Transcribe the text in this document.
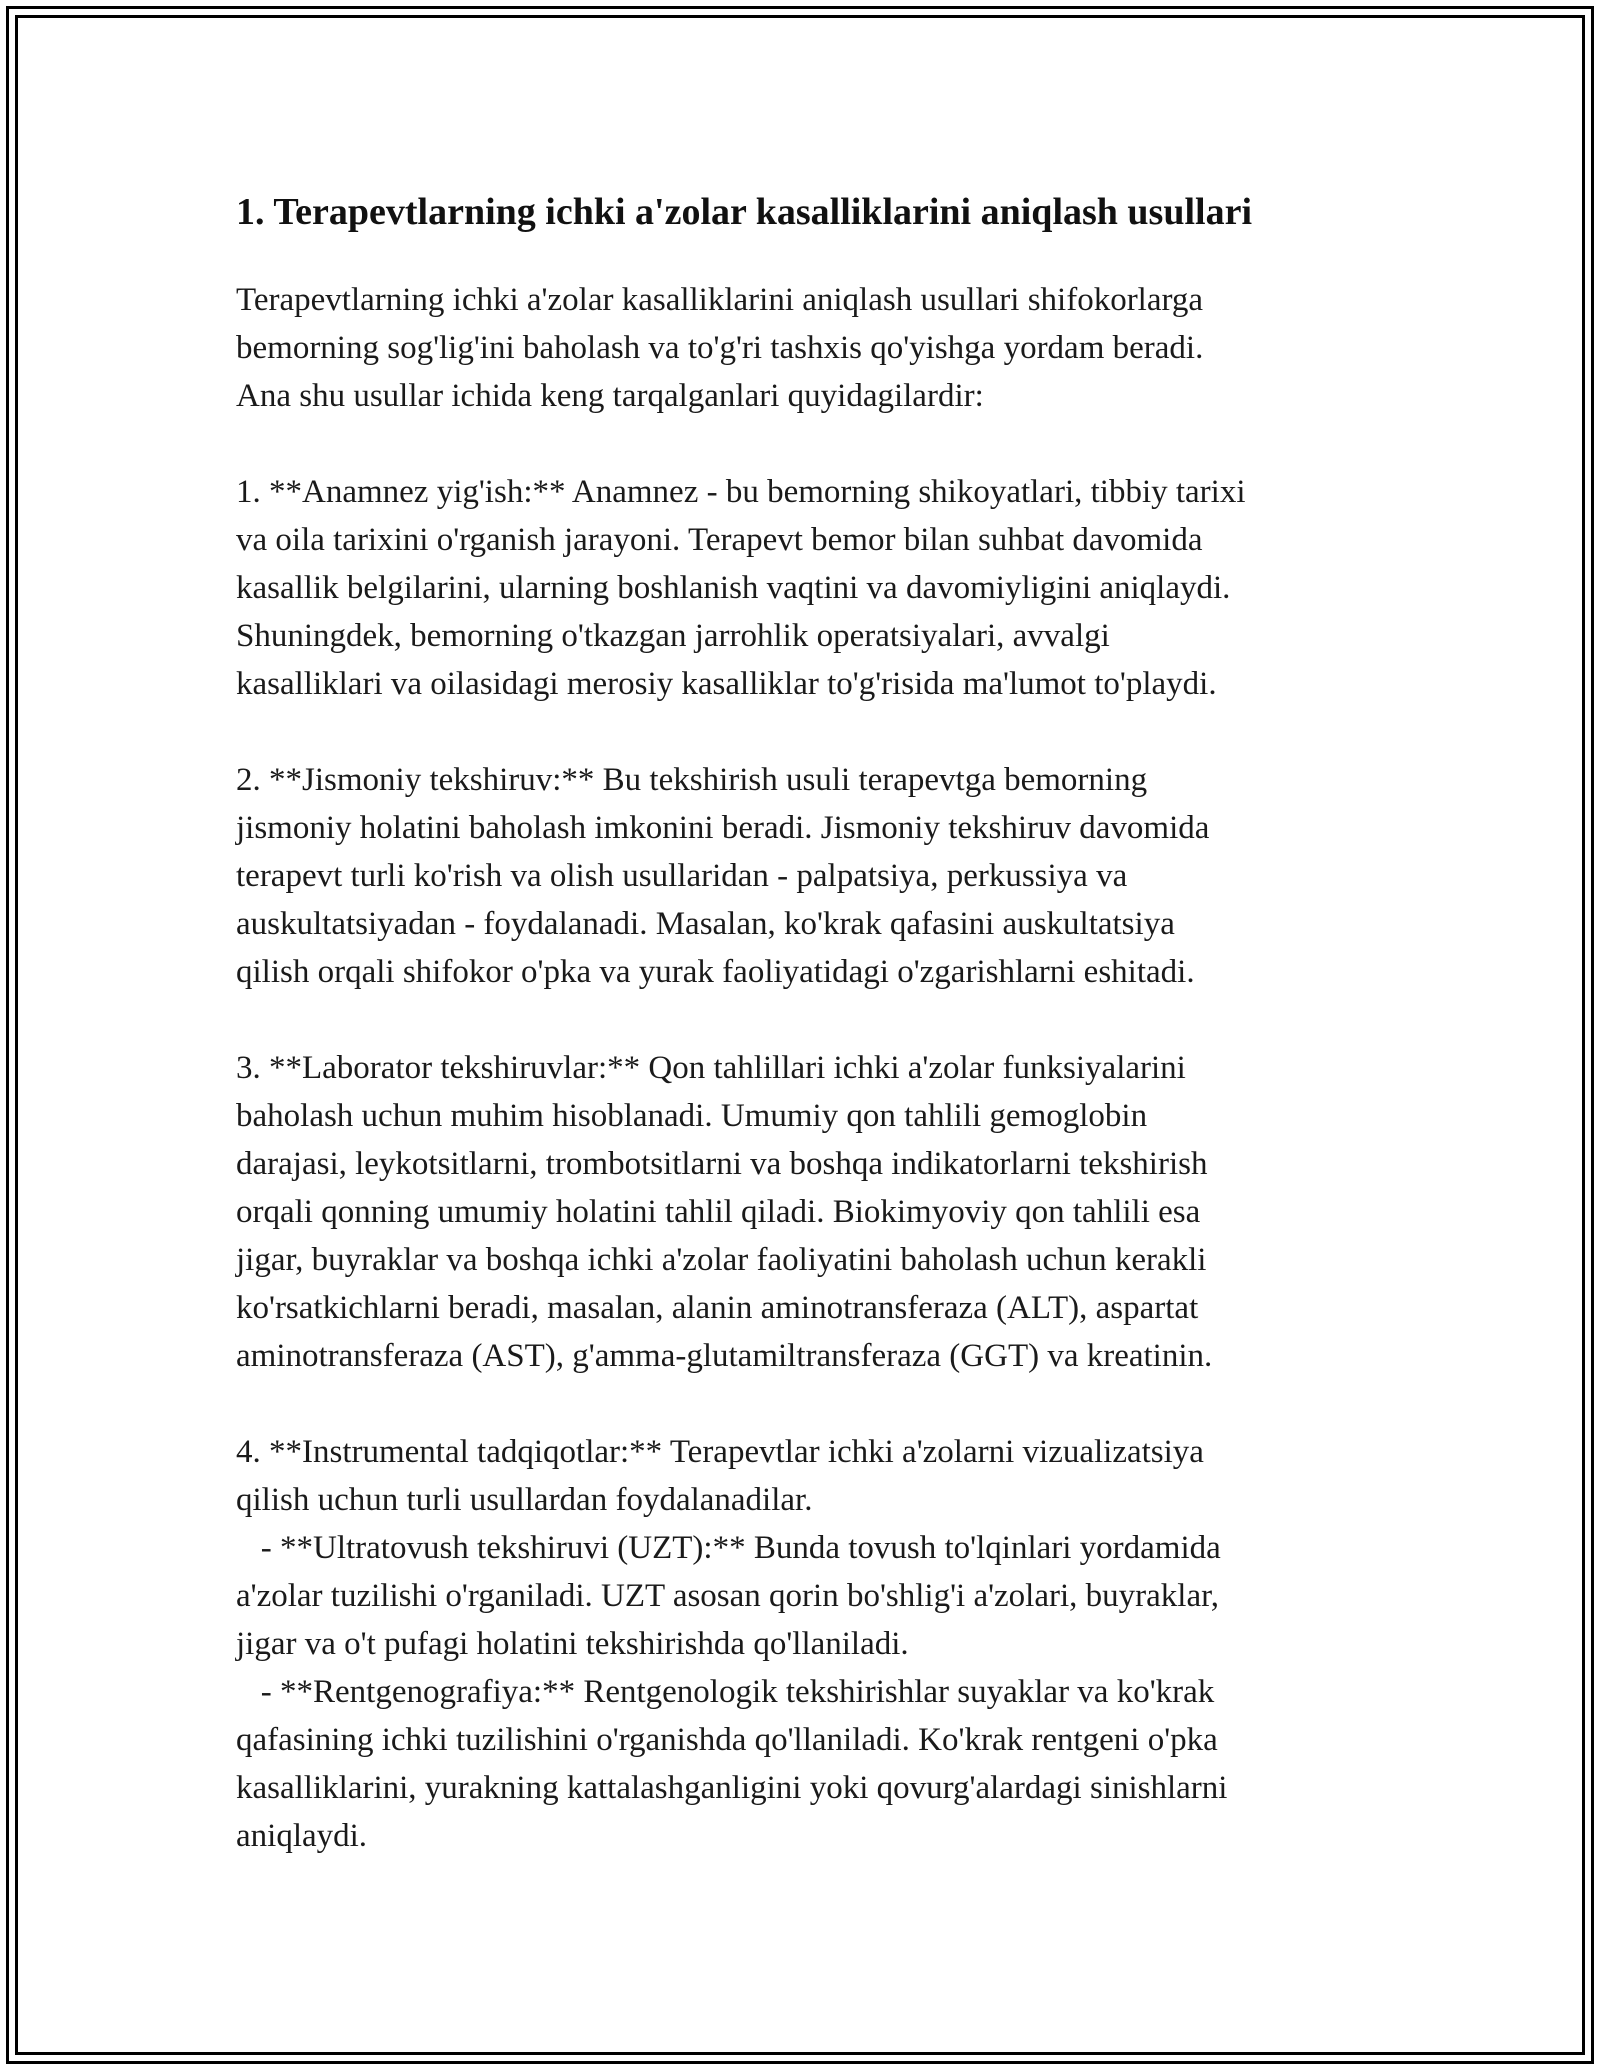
1. Terapevtlarning ichki a'zolar kasalliklarini aniqlash usullari

Terapevtlarning ichki a'zolar kasalliklarini aniqlash usullari shifokorlarga
bemorning sog'lig'ini baholash va to'g'ri tashxis qo'yishga yordam beradi.
Ana shu usullar ichida keng tarqalganlari quyidagilardir:

1. **Anamnez yig'ish:** Anamnez - bu bemorning shikoyatlari, tibbiy tarixi
va oila tarixini o'rganish jarayoni. Terapevt bemor bilan suhbat davomida
kasallik belgilarini, ularning boshlanish vaqtini va davomiyligini aniqlaydi.
Shuningdek, bemorning o'tkazgan jarrohlik operatsiyalari, avvalgi
kasalliklari va oilasidagi merosiy kasalliklar to'g'risida ma'lumot to'playdi.

2. **Jismoniy tekshiruv:** Bu tekshirish usuli terapevtga bemorning
jismoniy holatini baholash imkonini beradi. Jismoniy tekshiruv davomida
terapevt turli ko'rish va olish usullaridan - palpatsiya, perkussiya va
auskultatsiyadan - foydalanadi. Masalan, ko'krak qafasini auskultatsiya
qilish orqali shifokor o'pka va yurak faoliyatidagi o'zgarishlarni eshitadi.

3. **Laborator tekshiruvlar:** Qon tahlillari ichki a'zolar funksiyalarini
baholash uchun muhim hisoblanadi. Umumiy qon tahlili gemoglobin
darajasi, leykotsitlarni, trombotsitlarni va boshqa indikatorlarni tekshirish
orqali qonning umumiy holatini tahlil qiladi. Biokimyoviy qon tahlili esa
jigar, buyraklar va boshqa ichki a'zolar faoliyatini baholash uchun kerakli
ko'rsatkichlarni beradi, masalan, alanin aminotransferaza (ALT), aspartat
aminotransferaza (AST), g'amma-glutamiltransferaza (GGT) va kreatinin.

4. **Instrumental tadqiqotlar:** Terapevtlar ichki a'zolarni vizualizatsiya
qilish uchun turli usullardan foydalanadilar.
- **Ultratovush tekshiruvi (UZT):** Bunda tovush to'lqinlari yordamida
a'zolar tuzilishi o'rganiladi. UZT asosan qorin bo'shlig'i a'zolari, buyraklar,
jigar va o't pufagi holatini tekshirishda qo'llaniladi.
- **Rentgenografiya:** Rentgenologik tekshirishlar suyaklar va ko'krak
qafasining ichki tuzilishini o'rganishda qo'llaniladi. Ko'krak rentgeni o'pka
kasalliklarini, yurakning kattalashganligini yoki qovurg'alardagi sinishlarni
aniqlaydi.
